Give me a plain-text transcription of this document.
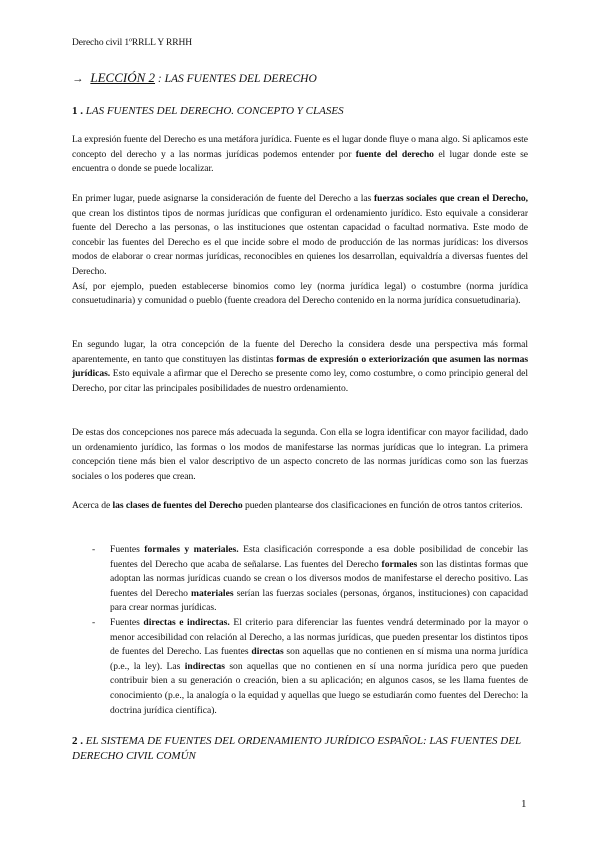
Derecho civil 1ºRRLL Y RRHH
→ LECCIÓN 2 : LAS FUENTES DEL DERECHO
1 . LAS FUENTES DEL DERECHO. CONCEPTO Y CLASES
La expresión fuente del Derecho es una metáfora jurídica. Fuente es el lugar donde fluye o mana algo. Si aplicamos este concepto del derecho y a las normas jurídicas podemos entender por fuente del derecho el lugar donde este se encuentra o donde se puede localizar.
En primer lugar, puede asignarse la consideración de fuente del Derecho a las fuerzas sociales que crean el Derecho, que crean los distintos tipos de normas jurídicas que configuran el ordenamiento jurídico. Esto equivale a considerar fuente del Derecho a las personas, o las instituciones que ostentan capacidad o facultad normativa. Este modo de concebir las fuentes del Derecho es el que incide sobre el modo de producción de las normas jurídicas: los diversos modos de elaborar o crear normas jurídicas, reconocibles en quienes los desarrollan, equivaldría a diversas fuentes del Derecho.
Así, por ejemplo, pueden establecerse binomios como ley (norma jurídica legal) o costumbre (norma jurídica consuetudinaria) y comunidad o pueblo (fuente creadora del Derecho contenido en la norma jurídica consuetudinaria).
En segundo lugar, la otra concepción de la fuente del Derecho la considera desde una perspectiva más formal aparentemente, en tanto que constituyen las distintas formas de expresión o exteriorización que asumen las normas jurídicas. Esto equivale a afirmar que el Derecho se presente como ley, como costumbre, o como principio general del Derecho, por citar las principales posibilidades de nuestro ordenamiento.
De estas dos concepciones nos parece más adecuada la segunda. Con ella se logra identificar con mayor facilidad, dado un ordenamiento jurídico, las formas o los modos de manifestarse las normas jurídicas que lo integran. La primera concepción tiene más bien el valor descriptivo de un aspecto concreto de las normas jurídicas como son las fuerzas sociales o los poderes que crean.
Acerca de las clases de fuentes del Derecho pueden plantearse dos clasificaciones en función de otros tantos criterios.
- Fuentes formales y materiales. Esta clasificación corresponde a esa doble posibilidad de concebir las fuentes del Derecho que acaba de señalarse. Las fuentes del Derecho formales son las distintas formas que adoptan las normas jurídicas cuando se crean o los diversos modos de manifestarse el derecho positivo. Las fuentes del Derecho materiales serían las fuerzas sociales (personas, órganos, instituciones) con capacidad para crear normas jurídicas.
- Fuentes directas e indirectas. El criterio para diferenciar las fuentes vendrá determinado por la mayor o menor accesibilidad con relación al Derecho, a las normas jurídicas, que pueden presentar los distintos tipos de fuentes del Derecho. Las fuentes directas son aquellas que no contienen en sí misma una norma jurídica (p.e., la ley). Las indirectas son aquellas que no contienen en sí una norma jurídica pero que pueden contribuir bien a su generación o creación, bien a su aplicación; en algunos casos, se les llama fuentes de conocimiento (p.e., la analogía o la equidad y aquellas que luego se estudiarán como fuentes del Derecho: la doctrina jurídica científica).
2 . EL SISTEMA DE FUENTES DEL ORDENAMIENTO JURÍDICO ESPAÑOL: LAS FUENTES DEL DERECHO CIVIL COMÚN
1
